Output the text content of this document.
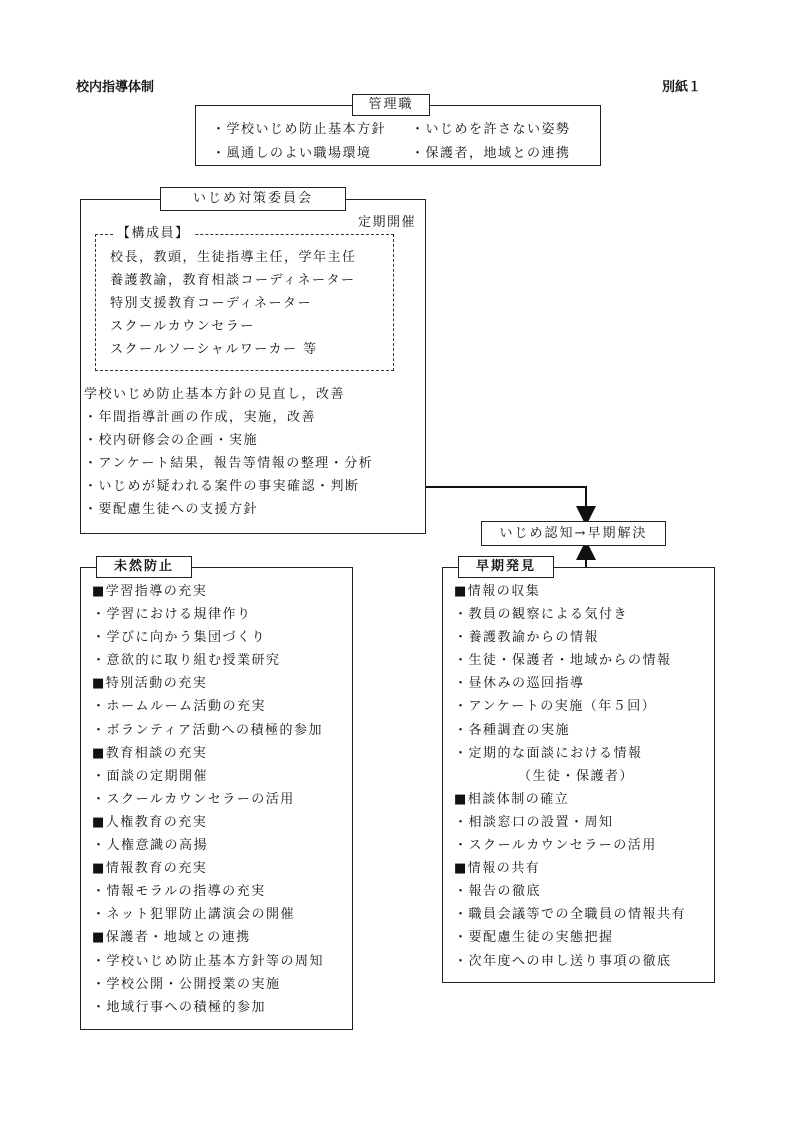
校内指導体制	別紙１
管理職
・学校いじめ防止基本方針 ・いじめを許さない姿勢
・風通しのよい職場環境	・保護者，地域との連携
いじめ対策委員会
定期開催
【構成員】
校長，教頭，生徒指導主任，学年主任
養護教諭，教育相談コーディネーター
特別支援教育コーディネーター
スクールカウンセラー
スクールソーシャルワーカー 等
学校いじめ防止基本方針の見直し，改善
・年間指導計画の作成，実施，改善
・校内研修会の企画・実施
・アンケート結果，報告等情報の整理・分析
・いじめが疑われる案件の事実確認・判断
・要配慮生徒への支援方針
いじめ認知→早期解決
未然防止
■学習指導の充実
・学習における規律作り
・学びに向かう集団づくり
・意欲的に取り組む授業研究
■特別活動の充実
・ホームルーム活動の充実
・ボランティア活動への積極的参加
■教育相談の充実
・面談の定期開催
・スクールカウンセラーの活用
■人権教育の充実
・人権意識の高揚
■情報教育の充実
・情報モラルの指導の充実
・ネット犯罪防止講演会の開催
■保護者・地域との連携
・学校いじめ防止基本方針等の周知
・学校公開・公開授業の実施
・地域行事への積極的参加
早期発見
■情報の収集
・教員の観察による気付き
・養護教諭からの情報
・生徒・保護者・地域からの情報
・昼休みの巡回指導
・アンケートの実施（年５回）
・各種調査の実施
・定期的な面談における情報
（生徒・保護者）
■相談体制の確立
・相談窓口の設置・周知
・スクールカウンセラーの活用
■情報の共有
・報告の徹底
・職員会議等での全職員の情報共有
・要配慮生徒の実態把握
・次年度への申し送り事項の徹底
